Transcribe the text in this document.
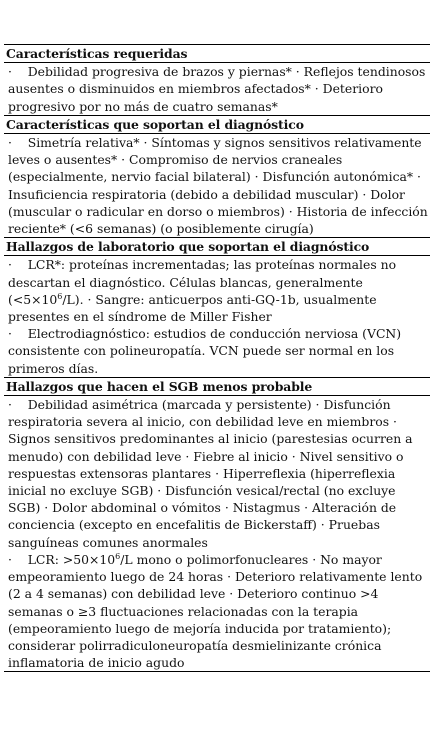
Características requeridas

·    Debilidad progresiva de brazos y piernas* · Reflejos tendinosos ausentes o disminuidos en miembros afectados* · Deterioro progresivo por no más de cuatro semanas*

Características que soportan el diagnóstico

·    Simetría relativa* · Síntomas y signos sensitivos relativamente leves o ausentes* · Compromiso de nervios craneales (especialmente, nervio facial bilateral) · Disfunción autonómica* · Insuficiencia respiratoria (debido a debilidad muscular) · Dolor (muscular o radicular en dorso o miembros) · Historia de infección reciente* (<6 semanas) (o posiblemente cirugía)

Hallazgos de laboratorio que soportan el diagnóstico

·    LCR*: proteínas incrementadas; las proteínas normales no descartan el diagnóstico. Células blancas, generalmente $(<5\times 10^6/L)$. · Sangre: anticuerpos anti-GQ-1b, usualmente presentes en el síndrome de Miller Fisher

·    Electrodiagnóstico: estudios de conducción nerviosa (VCN) consistente con polineuropatía. VCN puede ser normal en los primeros días.

Hallazgos que hacen el SGB menos probable

·    Debilidad asimétrica (marcada y persistente) · Disfunción respiratoria severa al inicio, con debilidad leve en miembros · Signos sensitivos predominantes al inicio (parestesias ocurren a menudo) con debilidad leve · Fiebre al inicio · Nivel sensitivo o respuestas extensoras plantares · Hiperreflexia (hiperreflexia inicial no excluye SGB) · Disfunción vesical/rectal (no excluye SGB) · Dolor abdominal o vómitos · Nistagmus · Alteración de conciencia (excepto en encefalitis de Bickerstaff) · Pruebas sanguíneas comunes anormales

·    LCR: $>50\times 10^6/L$ mono o polimorfonucleares · No mayor empeoramiento luego de 24 horas · Deterioro relativamente lento (2 a 4 semanas) con debilidad leve · Deterioro continuo >4 semanas o ≥3 fluctuaciones relacionadas con la terapia (empeoramiento luego de mejoría inducida por tratamiento); considerar polirradiculoneuropatía desmielinizante crónica inflamatoria de inicio agudo
